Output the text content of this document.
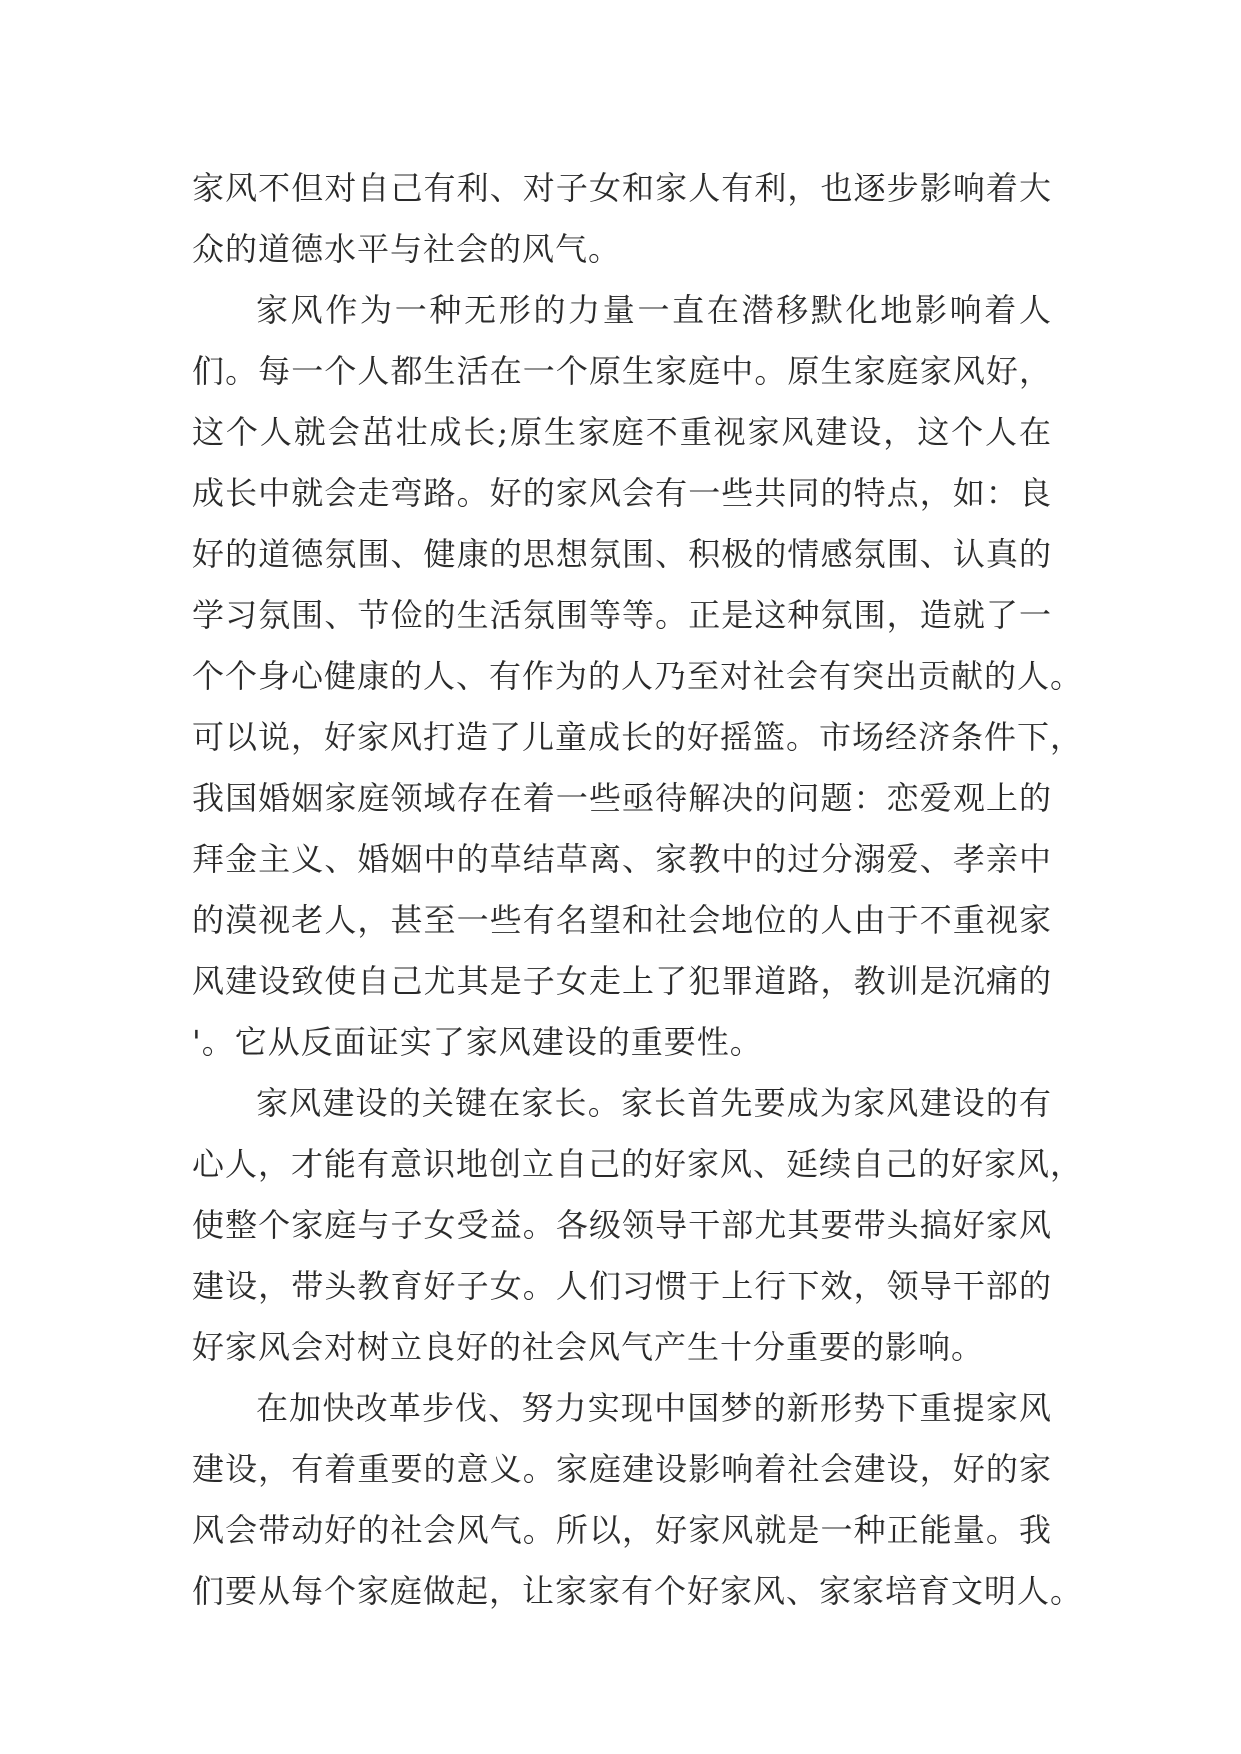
家风不但对自己有利、对子女和家人有利，也逐步影响着大
众的道德水平与社会的风气。
家风作为一种无形的力量一直在潜移默化地影响着人
们。每一个人都生活在一个原生家庭中。原生家庭家风好，
这个人就会茁壮成长;原生家庭不重视家风建设，这个人在
成长中就会走弯路。好的家风会有一些共同的特点，如：良
好的道德氛围、健康的思想氛围、积极的情感氛围、认真的
学习氛围、节俭的生活氛围等等。正是这种氛围，造就了一
个个身心健康的人、有作为的人乃至对社会有突出贡献的人。
可以说，好家风打造了儿童成长的好摇篮。市场经济条件下，
我国婚姻家庭领域存在着一些亟待解决的问题：恋爱观上的
拜金主义、婚姻中的草结草离、家教中的过分溺爱、孝亲中
的漠视老人，甚至一些有名望和社会地位的人由于不重视家
风建设致使自己尤其是子女走上了犯罪道路，教训是沉痛的
'。它从反面证实了家风建设的重要性。
家风建设的关键在家长。家长首先要成为家风建设的有
心人，才能有意识地创立自己的好家风、延续自己的好家风，
使整个家庭与子女受益。各级领导干部尤其要带头搞好家风
建设，带头教育好子女。人们习惯于上行下效，领导干部的
好家风会对树立良好的社会风气产生十分重要的影响。
在加快改革步伐、努力实现中国梦的新形势下重提家风
建设，有着重要的意义。家庭建设影响着社会建设，好的家
风会带动好的社会风气。所以，好家风就是一种正能量。我
们要从每个家庭做起，让家家有个好家风、家家培育文明人。
